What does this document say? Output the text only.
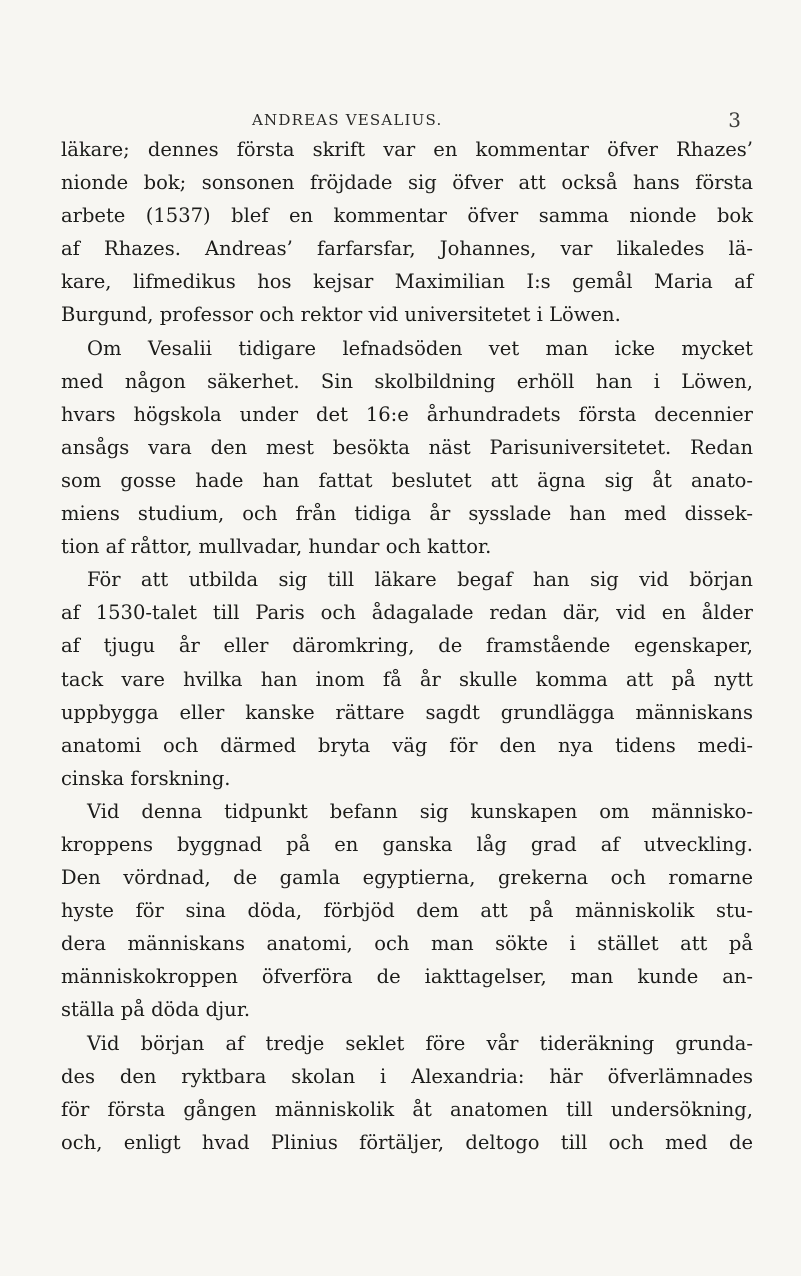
ANDREAS VESALIUS.	3
läkare; dennes första skrift var en kommentar öfver Rhazes’
nionde bok; sonsonen fröjdade sig öfver att också hans första
arbete (1537) blef en kommentar öfver samma nionde bok
af Rhazes. Andreas’ farfarsfar, Johannes, var likaledes lä-
kare, lifmedikus hos kejsar Maximilian I:s gemål Maria af
Burgund, professor och rektor vid universitetet i Löwen.
Om Vesalii tidigare lefnadsöden vet man icke mycket
med någon säkerhet. Sin skolbildning erhöll han i Löwen,
hvars högskola under det 16:e århundradets första decennier
ansågs vara den mest besökta näst Parisuniversitetet. Redan
som gosse hade han fattat beslutet att ägna sig åt anato-
miens studium, och från tidiga år sysslade han med dissek-
tion af råttor, mullvadar, hundar och kattor.
För att utbilda sig till läkare begaf han sig vid början
af 1530-talet till Paris och ådagalade redan där, vid en ålder
af tjugu år eller däromkring, de framstående egenskaper,
tack vare hvilka han inom få år skulle komma att på nytt
uppbygga eller kanske rättare sagdt grundlägga människans
anatomi och därmed bryta väg för den nya tidens medi-
cinska forskning.
Vid denna tidpunkt befann sig kunskapen om människo-
kroppens byggnad på en ganska låg grad af utveckling.
Den vördnad, de gamla egyptierna, grekerna och romarne
hyste för sina döda, förbjöd dem att på människolik stu-
dera människans anatomi, och man sökte i stället att på
människokroppen öfverföra de iakttagelser, man kunde an-
ställa på döda djur.
Vid början af tredje seklet före vår tideräkning grunda-
des den ryktbara skolan i Alexandria: här öfverlämnades
för första gången människolik åt anatomen till undersökning,
och, enligt hvad Plinius förtäljer, deltogo till och med de
